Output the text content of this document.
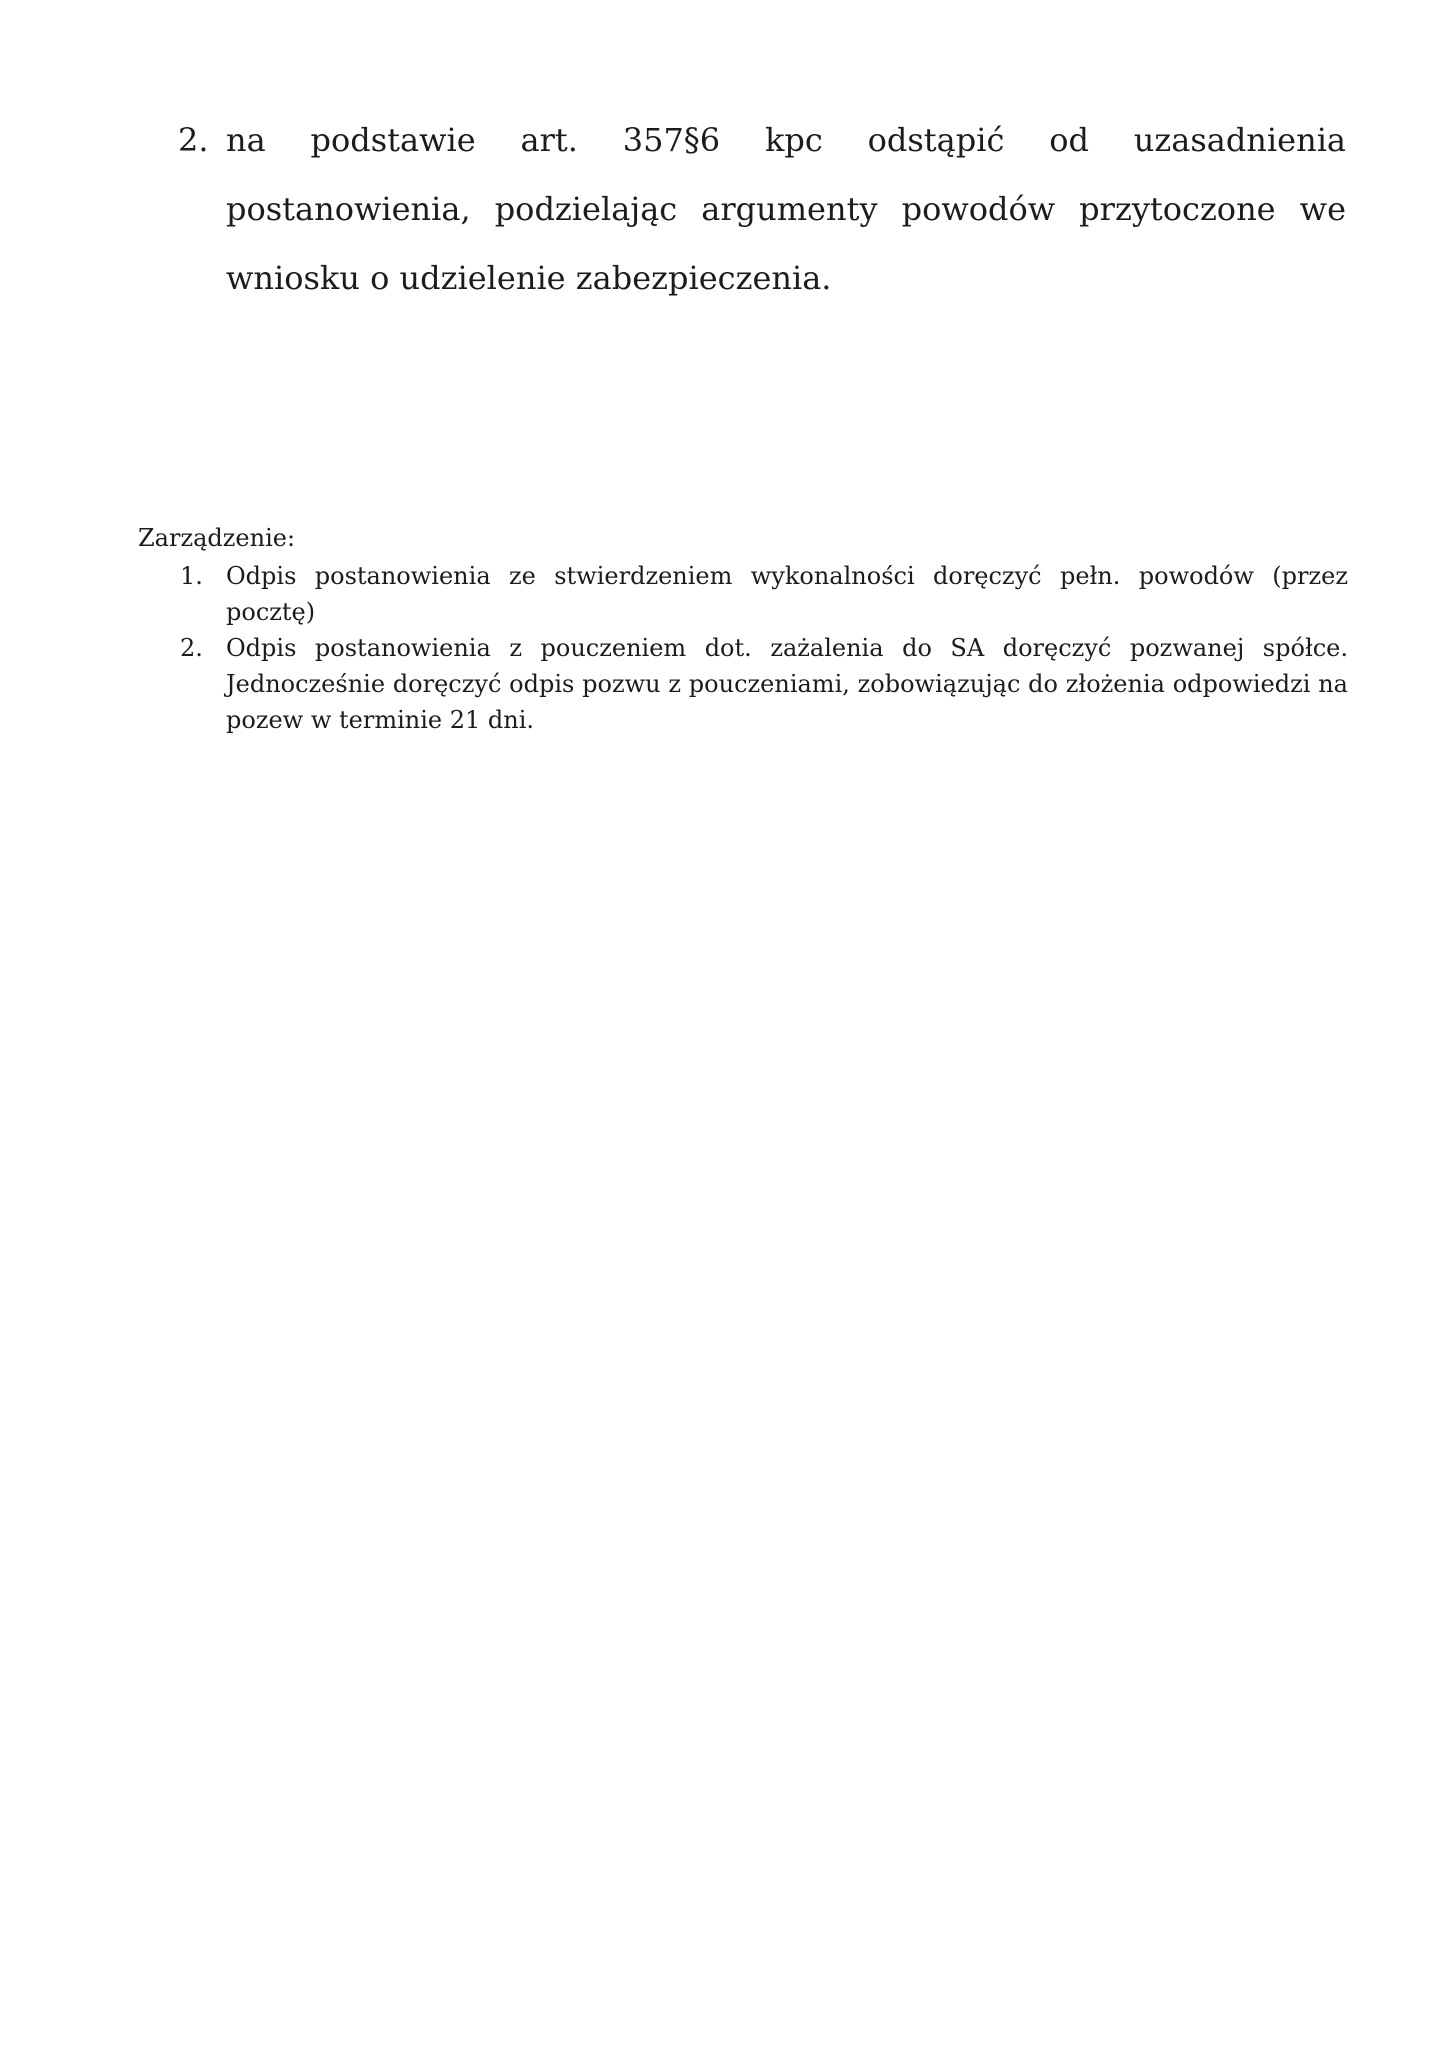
2. na podstawie art. 357§6 kpc odstąpić od uzasadnienia postanowienia, podzielając argumenty powodów przytoczone we wniosku o udzielenie zabezpieczenia.

Zarządzenie:

1. Odpis postanowienia ze stwierdzeniem wykonalności doręczyć pełn. powodów (przez pocztę)
2. Odpis postanowienia z pouczeniem dot. zażalenia do SA doręczyć pozwanej spółce. Jednocześnie doręczyć odpis pozwu z pouczeniami, zobowiązując do złożenia odpowiedzi na pozew w terminie 21 dni.
